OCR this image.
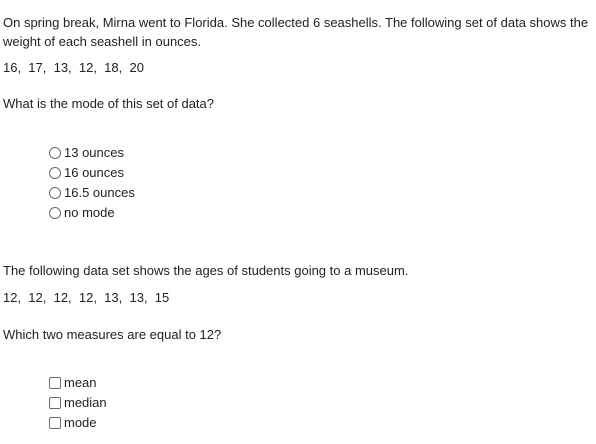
On spring break, Mirna went to Florida. She collected 6 seashells. The following set of data shows the weight of each seashell in ounces.

16,  17,  13,  12,  18,  20
What is the mode of this set of data?
13 ounces
16 ounces
16.5 ounces
no mode
The following data set shows the ages of students going to a museum.
12,  12,  12,  12,  13,  13,  15
Which two measures are equal to 12?
mean
median
mode
